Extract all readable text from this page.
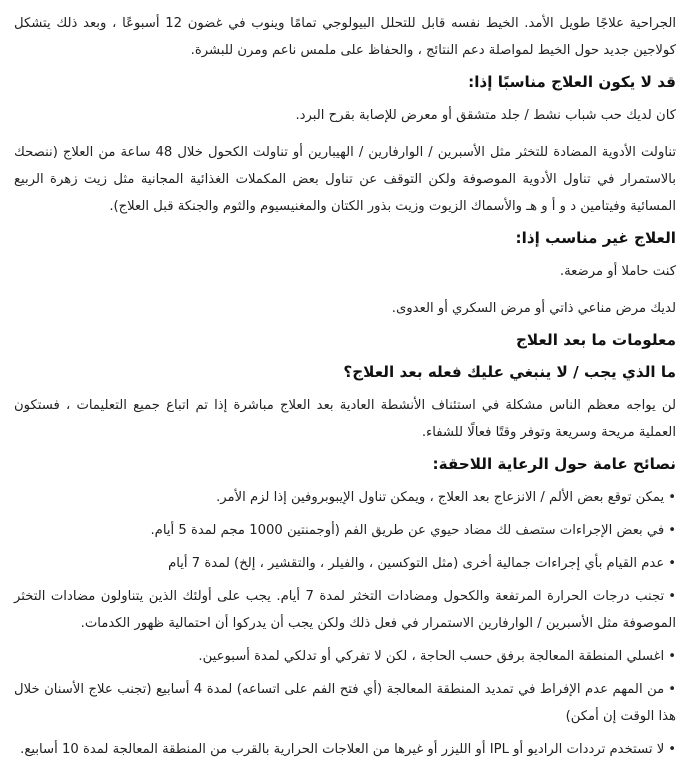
الجراحية علاجًا طويل الأمد. الخيط نفسه قابل للتحلل البيولوجي تمامًا وينوب في غضون 12 أسبوعًا ، وبعد ذلك يتشكل كولاجين جديد حول الخيط لمواصلة دعم النتائج ، والحفاظ على ملمس ناعم ومرن للبشرة.

قد لا يكون العلاج مناسبًا إذا:

كان لديك حب شباب نشط / جلد متشقق أو معرض للإصابة بقرح البرد.

تناولت الأدوية المضادة للتخثر مثل الأسبرين / الوارفارين / الهيبارين أو تناولت الكحول خلال 48 ساعة من العلاج (ننصحك بالاستمرار في تناول الأدوية الموصوفة ولكن التوقف عن تناول بعض المكملات الغذائية المجانية مثل زيت زهرة الربيع المسائية وفيتامين د و أ و هـ والأسماك الزيوت وزيت بذور الكتان والمغنيسيوم والثوم والجنكة قبل العلاج).

العلاج غير مناسب إذا:

كنت حاملا أو مرضعة.

لديك مرض مناعي ذاتي أو مرض السكري أو العدوى.

معلومات ما بعد العلاج
ما الذي يجب / لا ينبغي عليك فعله بعد العلاج؟

لن يواجه معظم الناس مشكلة في استئناف الأنشطة العادية بعد العلاج مباشرة إذا تم اتباع جميع التعليمات ، فستكون العملية مريحة وسريعة وتوفر وقتًا فعالًا للشفاء.

نصائح عامة حول الرعاية اللاحقة:
•يمكن توقع بعض الألم / الانزعاج بعد العلاج ، ويمكن تناول الإيبوبروفين إذا لزم الأمر.
•في بعض الإجراءات ستصف لك مضاد حيوي عن طريق الفم (أوجمنتين 1000 مجم لمدة 5 أيام.
•عدم القيام بأي إجراءات جمالية أخرى (مثل التوكسين ، والفيلر ، والتقشير ، إلخ) لمدة 7 أيام
•تجنب درجات الحرارة المرتفعة والكحول ومضادات التخثر لمدة 7 أيام. يجب على أولئك الذين يتناولون مضادات التخثر الموصوفة مثل الأسبرين / الوارفارين الاستمرار في فعل ذلك ولكن يجب أن يدركوا أن احتمالية ظهور الكدمات.
•اغسلي المنطقة المعالجة برفق حسب الحاجة ، لكن لا تفركي أو تدلكي لمدة أسبوعين.
•من المهم عدم الإفراط في تمديد المنطقة المعالجة (أي فتح الفم على اتساعه) لمدة 4 أسابيع (تجنب علاج الأسنان خلال هذا الوقت إن أمكن)
•لا تستخدم ترددات الراديو أو IPL أو الليزر أو غيرها من العلاجات الحرارية بالقرب من المنطقة المعالجة لمدة 10 أسابيع.
